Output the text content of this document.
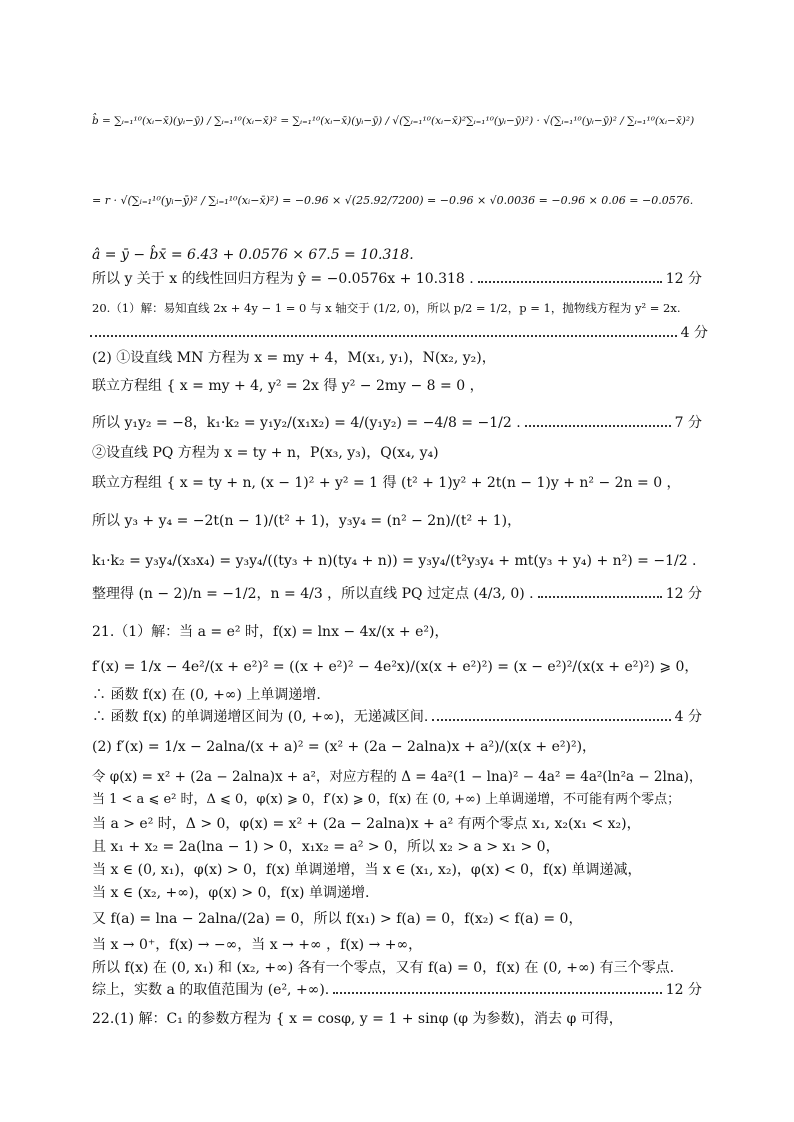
b̂ = ∑ᵢ₌₁¹⁰(xᵢ−x̄)(yᵢ−ȳ) / ∑ᵢ₌₁¹⁰(xᵢ−x̄)² = ∑ᵢ₌₁¹⁰(xᵢ−x̄)(yᵢ−ȳ) / √(∑ᵢ₌₁¹⁰(xᵢ−x̄)²∑ᵢ₌₁¹⁰(yᵢ−ȳ)²) · √(∑ᵢ₌₁¹⁰(yᵢ−ȳ)² / ∑ᵢ₌₁¹⁰(xᵢ−x̄)²)
= r · √(∑ᵢ₌₁¹⁰(yᵢ−ȳ)² / ∑ᵢ₌₁¹⁰(xᵢ−x̄)²) = −0.96 × √(25.92/7200) = −0.96 × √0.0036 = −0.96 × 0.06 = −0.0576.
â = ȳ − b̂x̄ = 6.43 + 0.0576 × 67.5 = 10.318.
所以 y 关于 x 的线性回归方程为 ŷ = −0.0576x + 10.318 .	12 分
20.（1）解：易知直线 2x + 4y − 1 = 0 与 x 轴交于 (1/2, 0)，所以 p/2 = 1/2，p = 1，抛物线方程为 y² = 2x.
4 分
(2) ①设直线 MN 方程为 x = my + 4，M(x₁, y₁)，N(x₂, y₂)，
联立方程组 { x = my + 4, y² = 2x 得 y² − 2my − 8 = 0 ，
所以 y₁y₂ = −8，k₁·k₂ = y₁y₂/(x₁x₂) = 4/(y₁y₂) = −4/8 = −1/2 .	7 分
②设直线 PQ 方程为 x = ty + n，P(x₃, y₃)，Q(x₄, y₄)
联立方程组 { x = ty + n, (x − 1)² + y² = 1 得 (t² + 1)y² + 2t(n − 1)y + n² − 2n = 0 ，
所以 y₃ + y₄ = −2t(n − 1)/(t² + 1)，y₃y₄ = (n² − 2n)/(t² + 1)，
k₁·k₂ = y₃y₄/(x₃x₄) = y₃y₄/((ty₃ + n)(ty₄ + n)) = y₃y₄/(t²y₃y₄ + mt(y₃ + y₄) + n²) = −1/2 .
整理得 (n − 2)/n = −1/2，n = 4/3 ，所以直线 PQ 过定点 (4/3, 0) .	12 分
21.（1）解：当 a = e² 时，f(x) = lnx − 4x/(x + e²)，
f′(x) = 1/x − 4e²/(x + e²)² = ((x + e²)² − 4e²x)/(x(x + e²)²) = (x − e²)²/(x(x + e²)²) ⩾ 0，
∴ 函数 f(x) 在 (0, +∞) 上单调递增.
∴ 函数 f(x) 的单调递增区间为 (0, +∞)，无递减区间.	4 分
(2) f′(x) = 1/x − 2alna/(x + a)² = (x² + (2a − 2alna)x + a²)/(x(x + e²)²)，
令 φ(x) = x² + (2a − 2alna)x + a²，对应方程的 Δ = 4a²(1 − lna)² − 4a² = 4a²(ln²a − 2lna)，
当 1 < a ⩽ e² 时，Δ ⩽ 0，φ(x) ⩾ 0，f′(x) ⩾ 0，f(x) 在 (0, +∞) 上单调递增，不可能有两个零点；
当 a > e² 时，Δ > 0，φ(x) = x² + (2a − 2alna)x + a² 有两个零点 x₁, x₂(x₁ < x₂)，
且 x₁ + x₂ = 2a(lna − 1) > 0，x₁x₂ = a² > 0，所以 x₂ > a > x₁ > 0，
当 x ∈ (0, x₁)，φ(x) > 0，f(x) 单调递增，当 x ∈ (x₁, x₂)，φ(x) < 0，f(x) 单调递减，
当 x ∈ (x₂, +∞)，φ(x) > 0，f(x) 单调递增.
又 f(a) = lna − 2alna/(2a) = 0，所以 f(x₁) > f(a) = 0，f(x₂) < f(a) = 0，
当 x → 0⁺，f(x) → −∞，当 x → +∞ ，f(x) → +∞，
所以 f(x) 在 (0, x₁) 和 (x₂, +∞) 各有一个零点，又有 f(a) = 0，f(x) 在 (0, +∞) 有三个零点.
综上，实数 a 的取值范围为 (e², +∞).	12 分
22.(1) 解：C₁ 的参数方程为 { x = cosφ, y = 1 + sinφ (φ 为参数)，消去 φ 可得，
